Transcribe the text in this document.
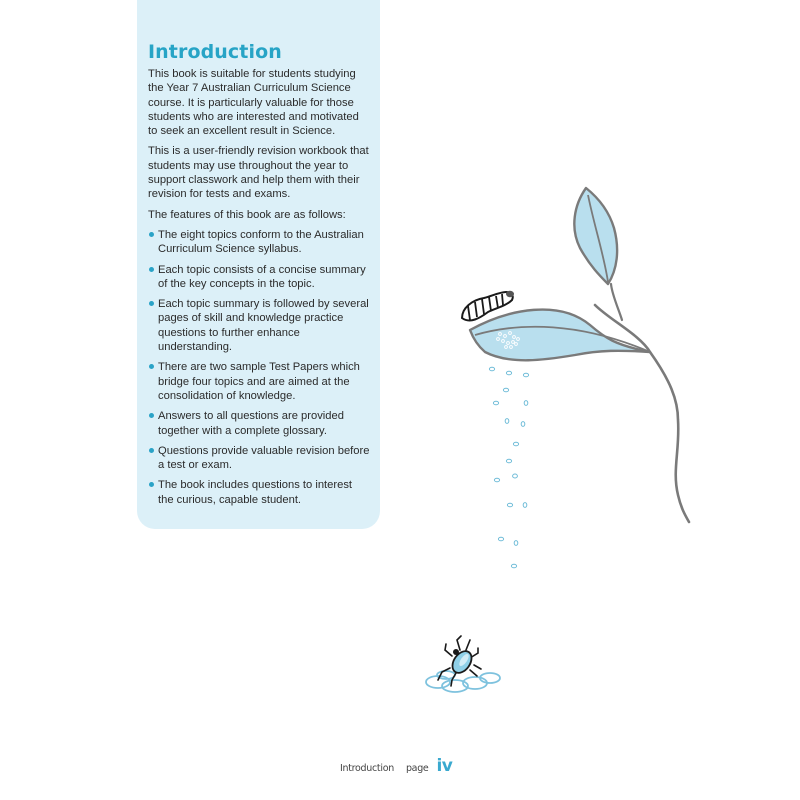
Introduction

This book is suitable for students studying the Year 7 Australian Curriculum Science course. It is particularly valuable for those students who are interested and motivated to seek an excellent result in Science.

This is a user-friendly revision workbook that students may use throughout the year to support classwork and help them with their revision for tests and exams.

The features of this book are as follows:

The eight topics conform to the Australian Curriculum Science syllabus.
Each topic consists of a concise summary of the key concepts in the topic.
Each topic summary is followed by several pages of skill and knowledge practice questions to further enhance understanding.
There are two sample Test Papers which bridge four topics and are aimed at the consolidation of knowledge.
Answers to all questions are provided together with a complete glossary.
Questions provide valuable revision before a test or exam.
The book includes questions to interest the curious, capable student.
Introduction page iv
